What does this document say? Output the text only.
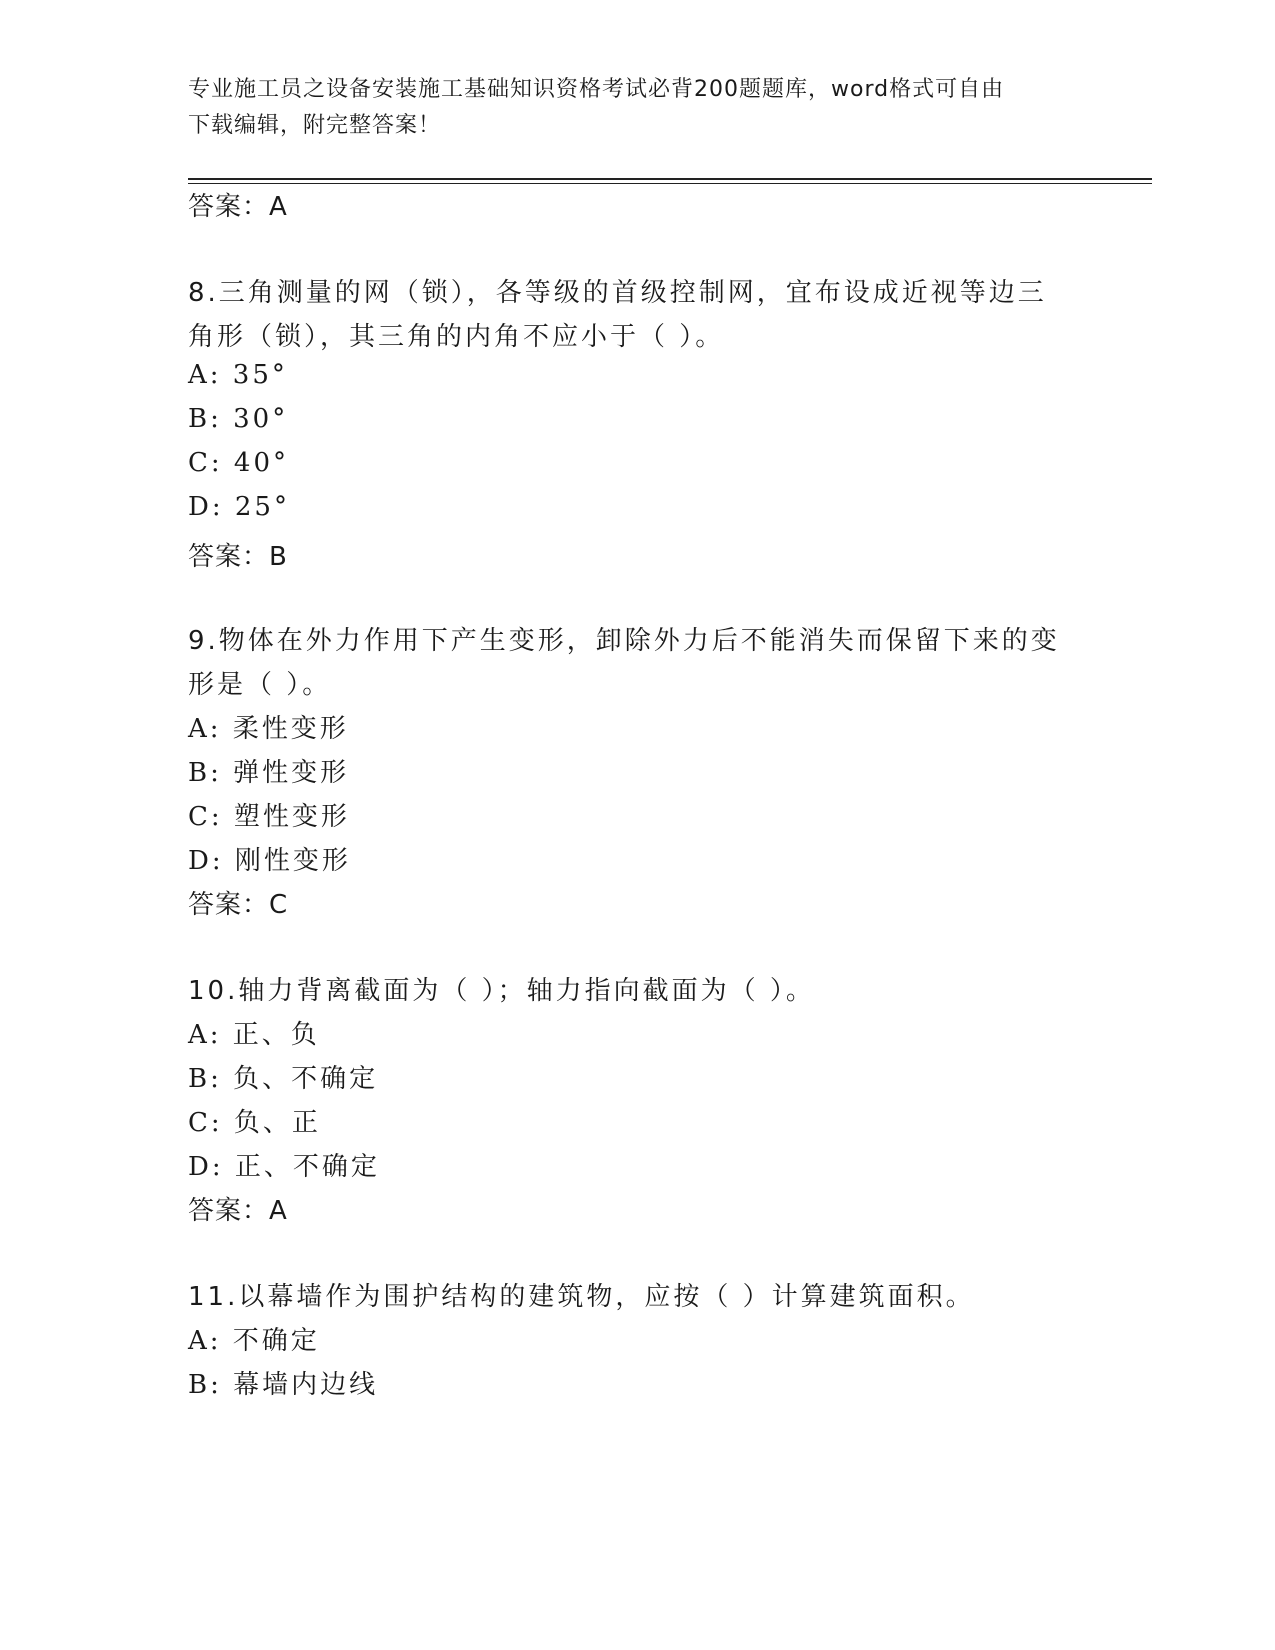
专业施工员之设备安装施工基础知识资格考试必背200题题库，word格式可自由
下载编辑，附完整答案！
答案：A
8.三角测量的网（锁），各等级的首级控制网，宜布设成近视等边三
角形（锁），其三角的内角不应小于（ ）。
A: 35°
B: 30°
C: 40°
D: 25°
答案：B
9.物体在外力作用下产生变形，卸除外力后不能消失而保留下来的变
形是（ ）。
A: 柔性变形
B: 弹性变形
C: 塑性变形
D: 刚性变形
答案：C
10.轴力背离截面为（ ）；轴力指向截面为（ ）。
A: 正、负
B: 负、不确定
C: 负、正
D: 正、不确定
答案：A
11.以幕墙作为围护结构的建筑物，应按（ ）计算建筑面积。
A: 不确定
B: 幕墙内边线
